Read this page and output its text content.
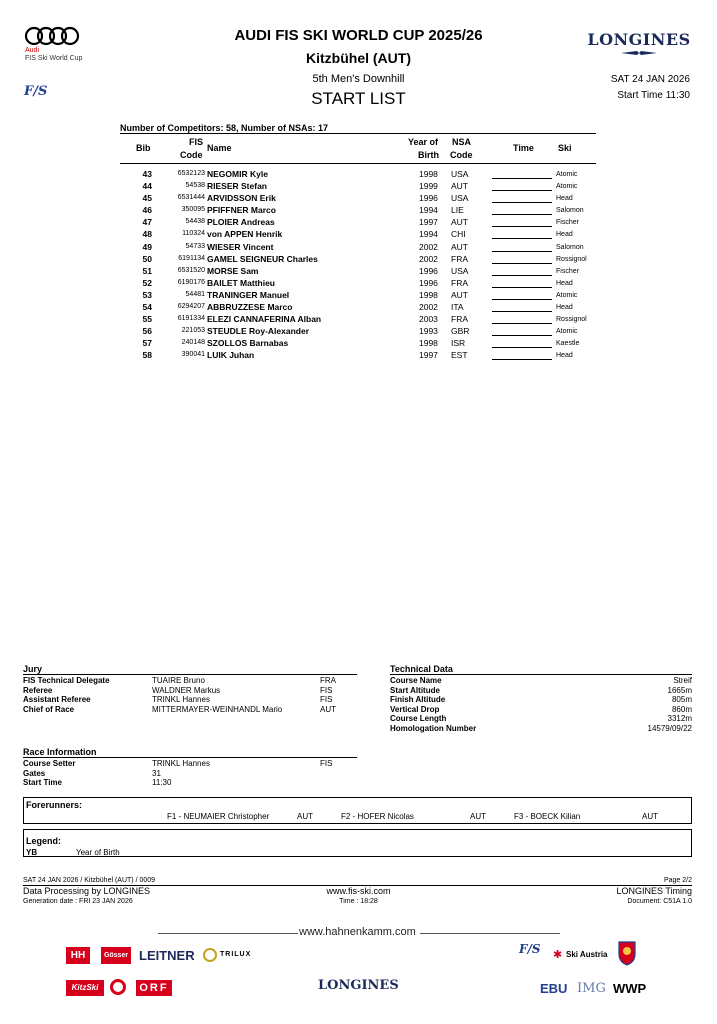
Audi
FIS Ski World Cup
F/S
AUDI FIS SKI WORLD CUP 2025/26
Kitzbühel (AUT)
5th Men's Downhill
START LIST
LONGINES
SAT 24 JAN 2026
Start Time 11:30
Number of Competitors: 58, Number of NSAs: 17
Bib
FIS
Code
Name
Year of
Birth
NSA
Code
Time	Ski
43	6532123 NEGOMIR Kyle	1998 USA	Atomic
44	54538 RIESER Stefan	1999 AUT	Atomic
45	6531444 ARVIDSSON Erik	1996 USA	Head
46	350095 PFIFFNER Marco	1994 LIE	Salomon
47	54438 PLOIER Andreas	1997 AUT	Fischer
48	110324 von APPEN Henrik	1994 CHI	Head
49	54733 WIESER Vincent	2002 AUT	Salomon
50	6191134 GAMEL SEIGNEUR Charles	2002 FRA	Rossignol
51	6531520 MORSE Sam	1996 USA	Fischer
52	6190176 BAILET Matthieu	1996 FRA	Head
53	54481 TRANINGER Manuel	1998 AUT	Atomic
54	6294207 ABBRUZZESE Marco	2002 ITA	Head
55	6191334 ELEZI CANNAFERINA Alban	2003 FRA	Rossignol
56	221053 STEUDLE Roy-Alexander	1993 GBR	Atomic
57	240148 SZOLLOS Barnabas	1998 ISR	Kaestle
58	390041 LUIK Juhan	1997 EST	Head
Jury
FIS Technical Delegate	TUAIRE Bruno	FRA
Referee	WALDNER Markus	FIS
Assistant Referee	TRINKL Hannes	FIS
Chief of Race	MITTERMAYER-WEINHANDL Mario	AUT
Technical Data
Course Name	Streif
Start Altitude	1665m
Finish Altitude	805m
Vertical Drop	860m
Course Length	3312m
Homologation Number	14579/09/22
Race Information
Course Setter	TRINKL Hannes	FIS
Gates	31
Start Time	11:30
Forerunners:
F1 - NEUMAIER Christopher	AUT	F2 - HOFER Nicolas	AUT	F3 - BOECK Kilian	AUT
Legend:
YB	Year of Birth
SAT 24 JAN 2026 / Kitzbühel (AUT) / 0009	Page 2/2
Data Processing by LONGINES	www.fis-ski.com	LONGINES Timing
Generation date : FRI 23 JAN 2026	Time : 18:28	Document: C51A 1.0
www.hahnenkamm.com
HH	Gösser LEITNER	TRILUX	F/S ✱ Ski Austria
KitzSki	ORF	LONGINES	EBU IMG WWP
